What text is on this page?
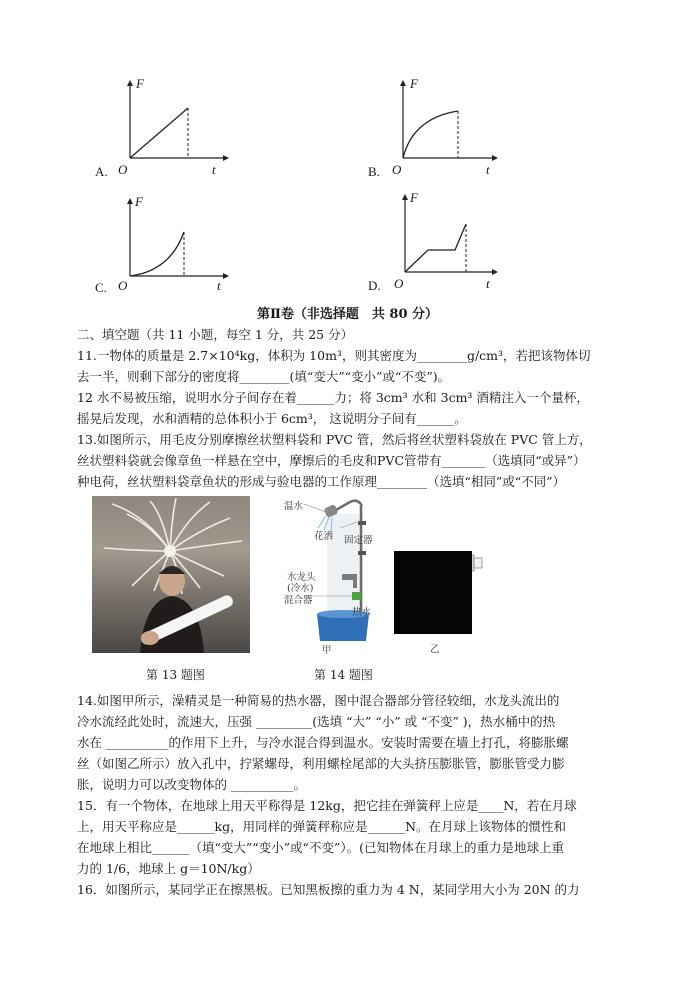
F
O	t
A.
F
O	t
B.
F
O	t
C.
F
O	t
D.
第Ⅱ卷（非选择题　共 80 分）

二、填空题（共 11 小题，每空 1 分，共 25 分）

11.一物体的质量是 2.7×10⁴kg，体积为 10m³，则其密度为________g/cm³，若把该物体切

去一半，则剩下部分的密度将________(填“变大”“变小”或“不变”)。

12 水不易被压缩，说明水分子间存在着______力；将 3cm³ 水和 3cm³ 酒精注入一个量杯，

摇晃后发现，水和酒精的总体积小于 6cm³， 这说明分子间有______。

13.如图所示，用毛皮分别摩擦丝状塑料袋和 PVC 管，然后将丝状塑料袋放在 PVC 管上方，

丝状塑料袋就会像章鱼一样悬在空中，摩擦后的毛皮和PVC管带有_______（选填同“或异”）

种电荷，丝状塑料袋章鱼状的形成与验电器的工作原理________（选填“相同”或“不同”）

温水
花洒 固定器
水龙头
(冷水)
混合器
热水
甲	乙
第 13 题图	第 14 题图

14.如图甲所示，澡精灵是一种简易的热水器，图中混合器部分管径较细，水龙头流出的

冷水流经此处时，流速大，压强 _________(选填 “大” “小” 或 “不变” )，热水桶中的热

水在 __________的作用下上升，与冷水混合得到温水。安装时需要在墙上打孔，将膨胀螺

丝（如图乙所示）放入孔中，拧紧螺母，利用螺栓尾部的大头挤压膨胀管，膨胀管受力膨

胀，说明力可以改变物体的 __________。

15．有一个物体，在地球上用天平称得是 12kg，把它挂在弹簧秤上应是____N，若在月球

上，用天平称应是______kg，用同样的弹簧秤称应是______N。在月球上该物体的惯性和

在地球上相比______（填“变大”“变小”或“不变”）。(已知物体在月球上的重力是地球上重

力的 1/6，地球上 g＝10N/kg）

16．如图所示，某同学正在擦黑板。已知黑板擦的重力为 4 N，某同学用大小为 20N 的力
